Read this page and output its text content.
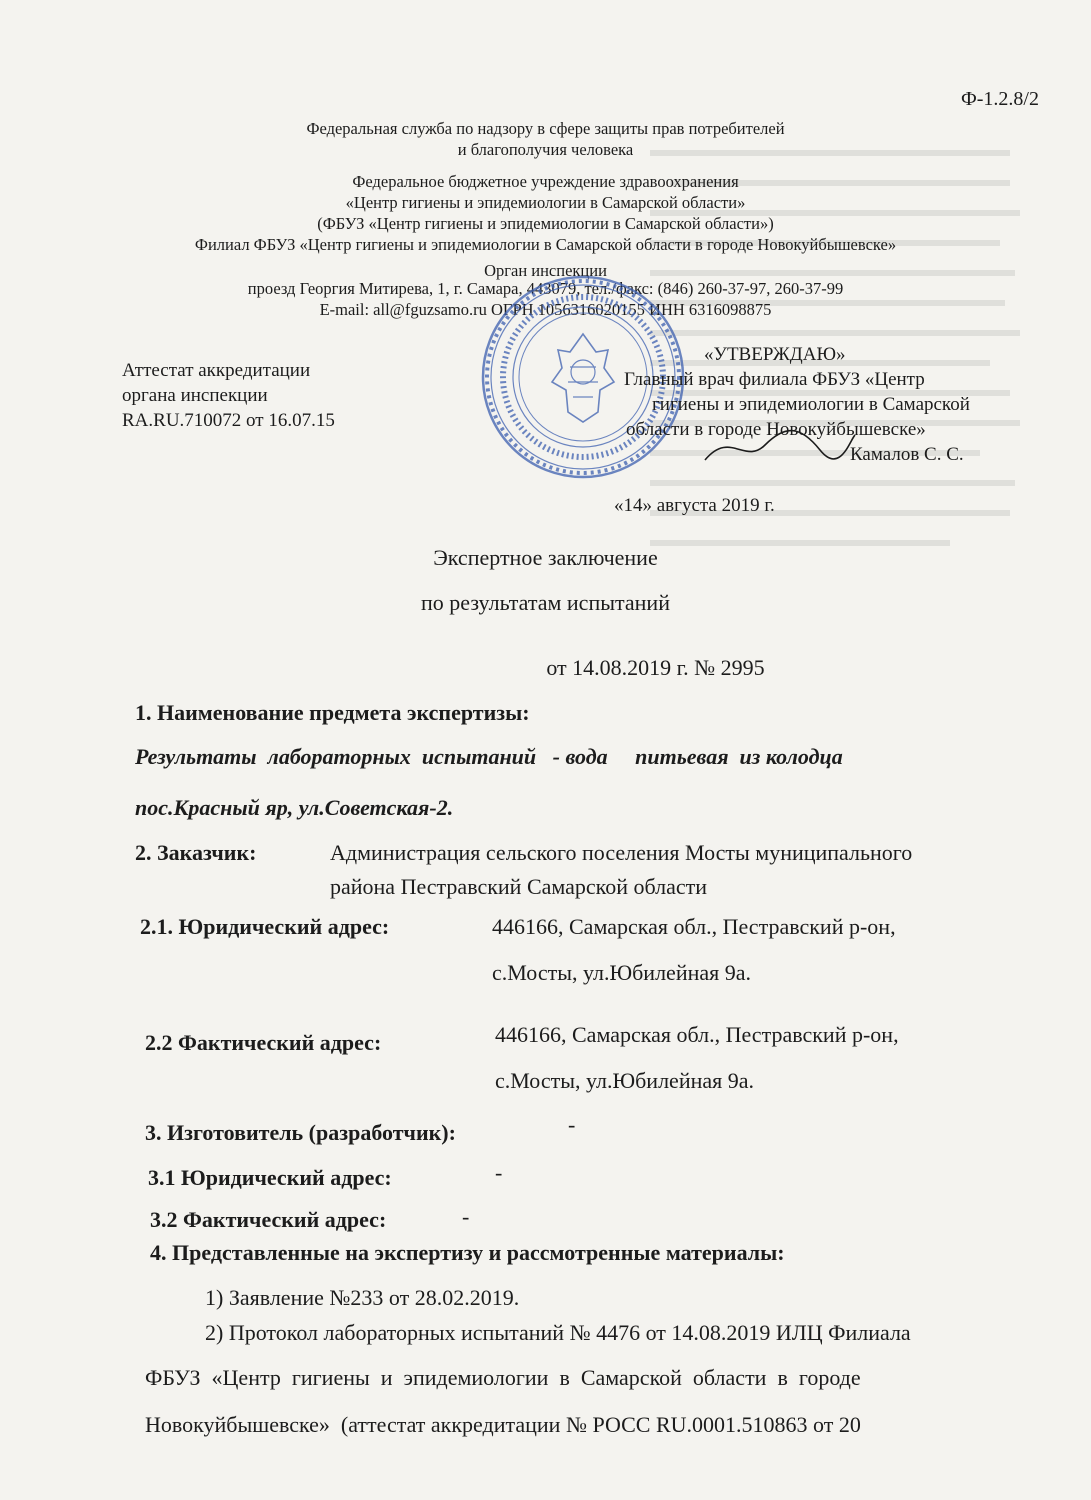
Ф-1.2.8/2
Федеральная служба по надзору в сфере защиты прав потребителей
и благополучия человека
Федеральное бюджетное учреждение здравоохранения
«Центр гигиены и эпидемиологии в Самарской области»
(ФБУЗ «Центр гигиены и эпидемиологии в Самарской области»)
Филиал ФБУЗ «Центр гигиены и эпидемиологии в Самарской области в городе Новокуйбышевске»
Орган инспекции
проезд Георгия Митирева, 1, г. Самара, 443079, тел./факс: (846) 260-37-97, 260-37-99
E-mail: all@fguzsamo.ru ОГРН 1056316020155 ИНН 6316098875
Аттестат аккредитации
органа инспекции
RA.RU.710072 от 16.07.15
«УТВЕРЖДАЮ»
Главный врач филиала ФБУЗ «Центр
гигиены и эпидемиологии в Самарской
области в городе Новокуйбышевске»
Камалов С. С.
«14» августа 2019 г.
Экспертное заключение
по результатам испытаний
от 14.08.2019 г. № 2995
1. Наименование предмета экспертизы:
Результаты  лабораторных  испытаний   - вода     питьевая  из колодца
пос.Красный яр, ул.Советская-2.
2. Заказчик:	Администрация сельского поселения Мосты муниципального
района Пестравский Самарской области
2.1. Юридический адрес:	446166, Самарская обл., Пестравский р-он,
с.Мосты, ул.Юбилейная 9а.
2.2 Фактический адрес:	446166, Самарская обл., Пестравский р-он,
с.Мосты, ул.Юбилейная 9а.
3. Изготовитель (разработчик):	-
3.1 Юридический адрес:	-
3.2 Фактический адрес:	-
4. Представленные на экспертизу и рассмотренные материалы:
1) Заявление №233 от 28.02.2019.
2) Протокол лабораторных испытаний № 4476 от 14.08.2019 ИЛЦ Филиала
ФБУЗ  «Центр  гигиены  и  эпидемиологии  в  Самарской  области  в  городе
Новокуйбышевске»  (аттестат аккредитации № РОСС RU.0001.510863 от 20
